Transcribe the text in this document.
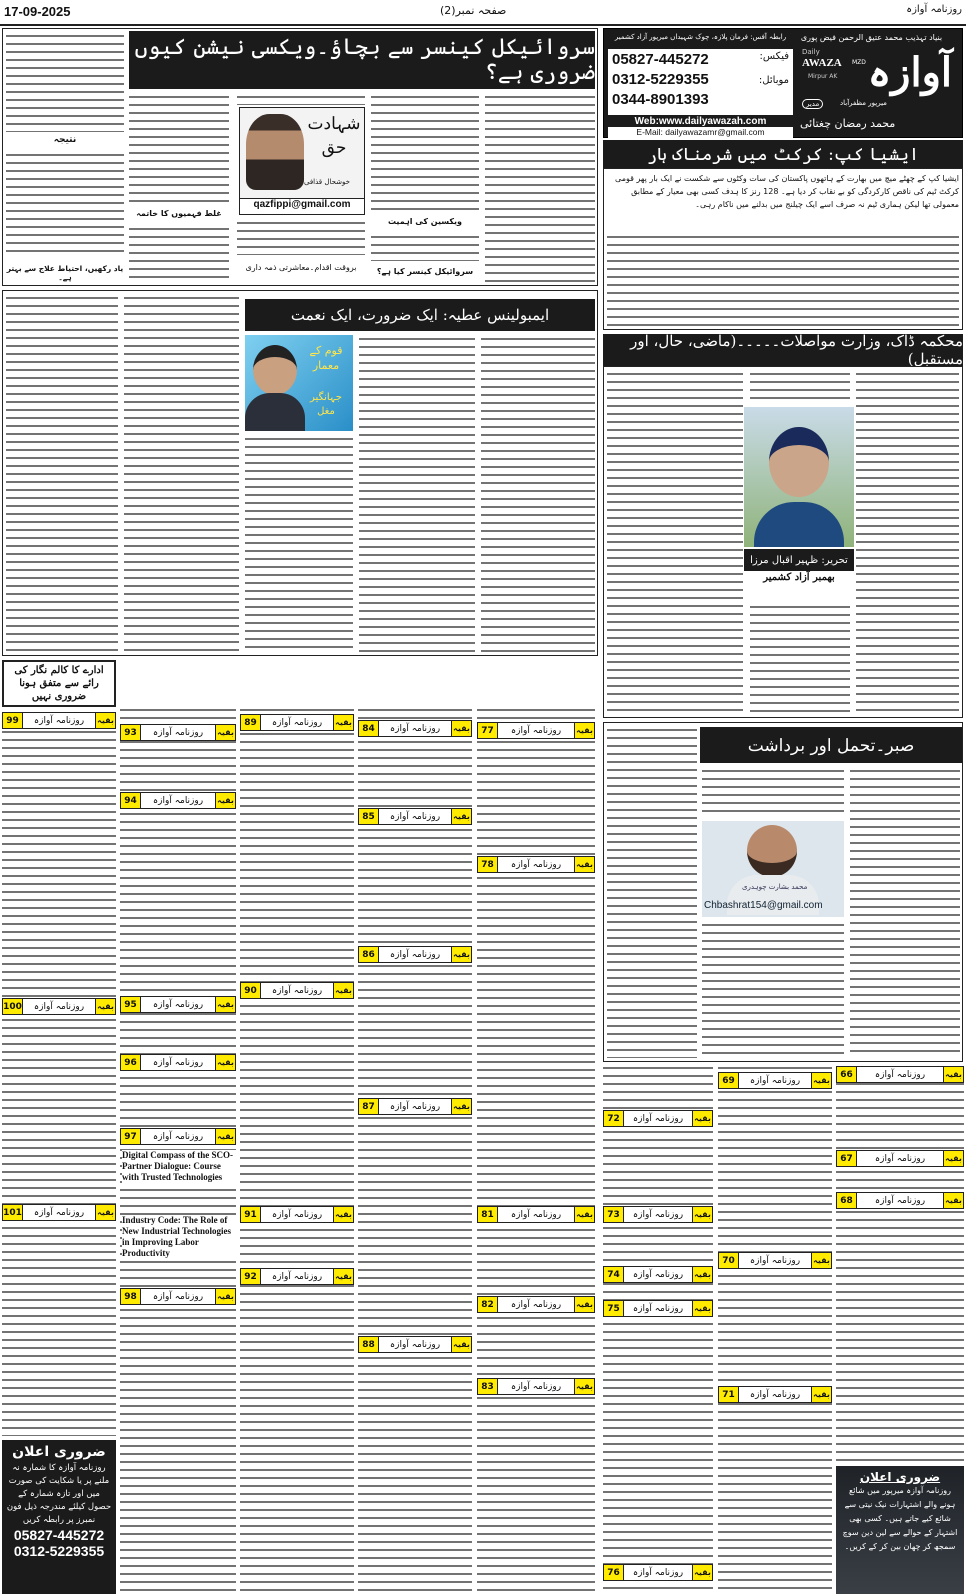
17-09-2025	صفحہ نمبر(2)	روزنامہ آوازہ
بنیاد تہذیب محمد عتیق الرحمن فیض پوری
رابطہ آفس: فرمان پلازہ، چوک شہیداں میرپور آزاد کشمیر
فیکس:
موبائل:
05827-445272
0312-5229355
0344-8901393
Web:www.dailyawazah.com
E-Mail: dailyawazamr@gmail.com
Daily
AWAZA MZD
Mirpur AK آوازہ
مدیر	میرپور مظفرآباد
محمد رمضان چغتائی
ایشیا کپ: کرکٹ میں شرمناک ہار
ایشیا کپ کے چھٹے میچ میں بھارت کے ہاتھوں پاکستان کی سات وکٹوں سے شکست نے ایک بار پھر قومی کرکٹ ٹیم کی ناقص کارکردگی کو بے نقاب کر دیا ہے۔ 128 رنز کا ہدف کسی بھی معیار کے مطابق معمولی تھا لیکن ہماری ٹیم نہ صرف اسے ایک چیلنج میں بدلنے میں ناکام رہی۔
محکمہ ڈاک، وزارت مواصلات۔۔۔۔۔(ماضی، حال، اور مستقبل)
تحریر: ظہیر اقبال مرزا
بھمبر آزاد کشمیر
صبر۔تحمل اور برداشت
محمد بشارت چوہدری
Chbashrat154@gmail.com
سروائیکل کینسر سے بچاؤ۔ویکسی نیشن کیوں ضروری ہے؟
نتیجہ
یاد رکھیں، احتیاط علاج سے بہتر ہے۔
غلط فہمیوں کا خاتمہ
شہادت حق
خوشحال قذافی
qazfippi@gmail.com
بروقت اقدام۔معاشرتی ذمہ داری
ویکسین کی اہمیت
سروائیکل کینسر کیا ہے؟
ایمبولینس عطیہ: ایک ضرورت، ایک نعمت
قوم کے معمار
جہانگیر مغل
ادارے کا کالم نگار کی رائے سے متفق ہونا ضروری نہیں
بقیہ
روزنامہ آوازہ
99
بقیہ
روزنامہ آوازہ
93
بقیہ
روزنامہ آوازہ
94
بقیہ
روزنامہ آوازہ
89
بقیہ
روزنامہ آوازہ
84	بقیہ
روزنامہ آوازہ
77
بقیہ
روزنامہ آوازہ
100	بقیہ
روزنامہ آوازہ
95
بقیہ
روزنامہ آوازہ
90
بقیہ
روزنامہ آوازہ
85
بقیہ
روزنامہ آوازہ
78
بقیہ
روزنامہ آوازہ
86
بقیہ
روزنامہ آوازہ
96
بقیہ
روزنامہ آوازہ
97
بقیہ
روزنامہ آوازہ
91
بقیہ
روزنامہ آوازہ
87
بقیہ
روزنامہ آوازہ
81
بقیہ
روزنامہ آوازہ
101
بقیہ
روزنامہ آوازہ
92
بقیہ
روزنامہ آوازہ
98
بقیہ
روزنامہ آوازہ
82
بقیہ
روزنامہ آوازہ
88
بقیہ
روزنامہ آوازہ
83
بقیہ
روزنامہ آوازہ
72
بقیہ
روزنامہ آوازہ
73
بقیہ
روزنامہ آوازہ
74
بقیہ
روزنامہ آوازہ
75
بقیہ
روزنامہ آوازہ
76
بقیہ
روزنامہ آوازہ
69
بقیہ
روزنامہ آوازہ
70
بقیہ
روزنامہ آوازہ
71
بقیہ
روزنامہ آوازہ
66
بقیہ
روزنامہ آوازہ
67
بقیہ
روزنامہ آوازہ
68
Digital Compass of the SCO-Partner Dialogue: Course with Trusted Technologies
Industry Code: The Role of New Industrial Technologies in Improving Labor Productivity
ضروری اعلان
روزنامہ آوازہ کا شمارہ نہ ملنے پر یا شکایت کی صورت میں اور تازہ شمارہ کے حصول کیلئے مندرجہ ذیل فون نمبرز پر رابطہ کریں
05827-445272
0312-5229355
ضروری اعلان
روزنامہ آوازہ میرپور میں شائع ہونے والے اشتہارات نیک نیتی سے شائع کیے جاتے ہیں۔ کسی بھی اشتہار کے حوالے سے لین دین سوچ سمجھ کر چھان بین کر کے کریں۔
